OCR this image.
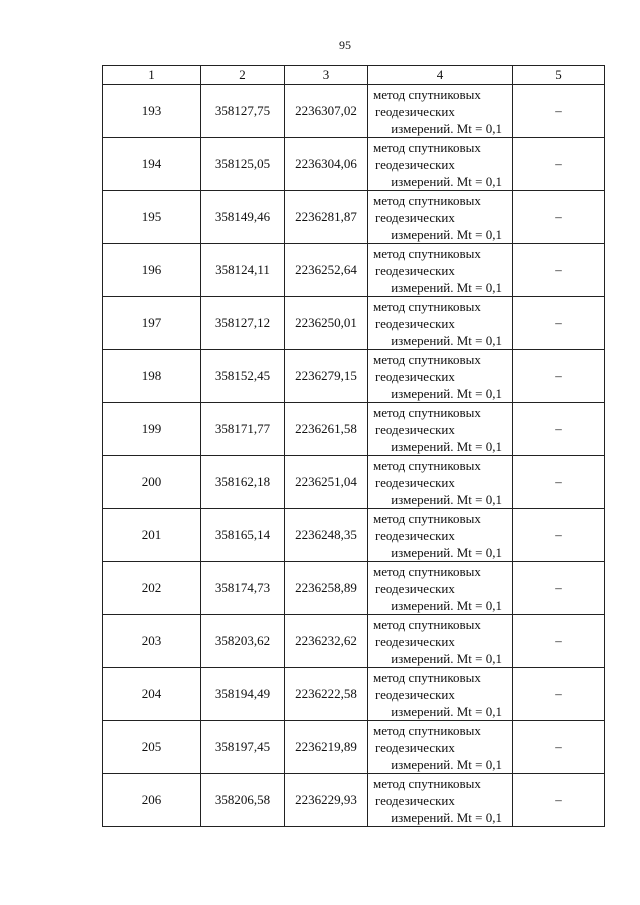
95
1	2	3	4	5
193	358127,75	2236307,02	метод спутниковых
геодезических
измерений. Mt = 0,1	–
194	358125,05	2236304,06	метод спутниковых
геодезических
измерений. Mt = 0,1	–
195	358149,46	2236281,87	метод спутниковых
геодезических
измерений. Mt = 0,1	–
196	358124,11	2236252,64	метод спутниковых
геодезических
измерений. Mt = 0,1	–
197	358127,12	2236250,01	метод спутниковых
геодезических
измерений. Mt = 0,1	–
198	358152,45	2236279,15	метод спутниковых
геодезических
измерений. Mt = 0,1	–
199	358171,77	2236261,58	метод спутниковых
геодезических
измерений. Mt = 0,1	–
200	358162,18	2236251,04	метод спутниковых
геодезических
измерений. Mt = 0,1	–
201	358165,14	2236248,35	метод спутниковых
геодезических
измерений. Mt = 0,1	–
202	358174,73	2236258,89	метод спутниковых
геодезических
измерений. Mt = 0,1	–
203	358203,62	2236232,62	метод спутниковых
геодезических
измерений. Mt = 0,1	–
204	358194,49	2236222,58	метод спутниковых
геодезических
измерений. Mt = 0,1	–
205	358197,45	2236219,89	метод спутниковых
геодезических
измерений. Mt = 0,1	–
206	358206,58	2236229,93	метод спутниковых
геодезических
измерений. Mt = 0,1	–
